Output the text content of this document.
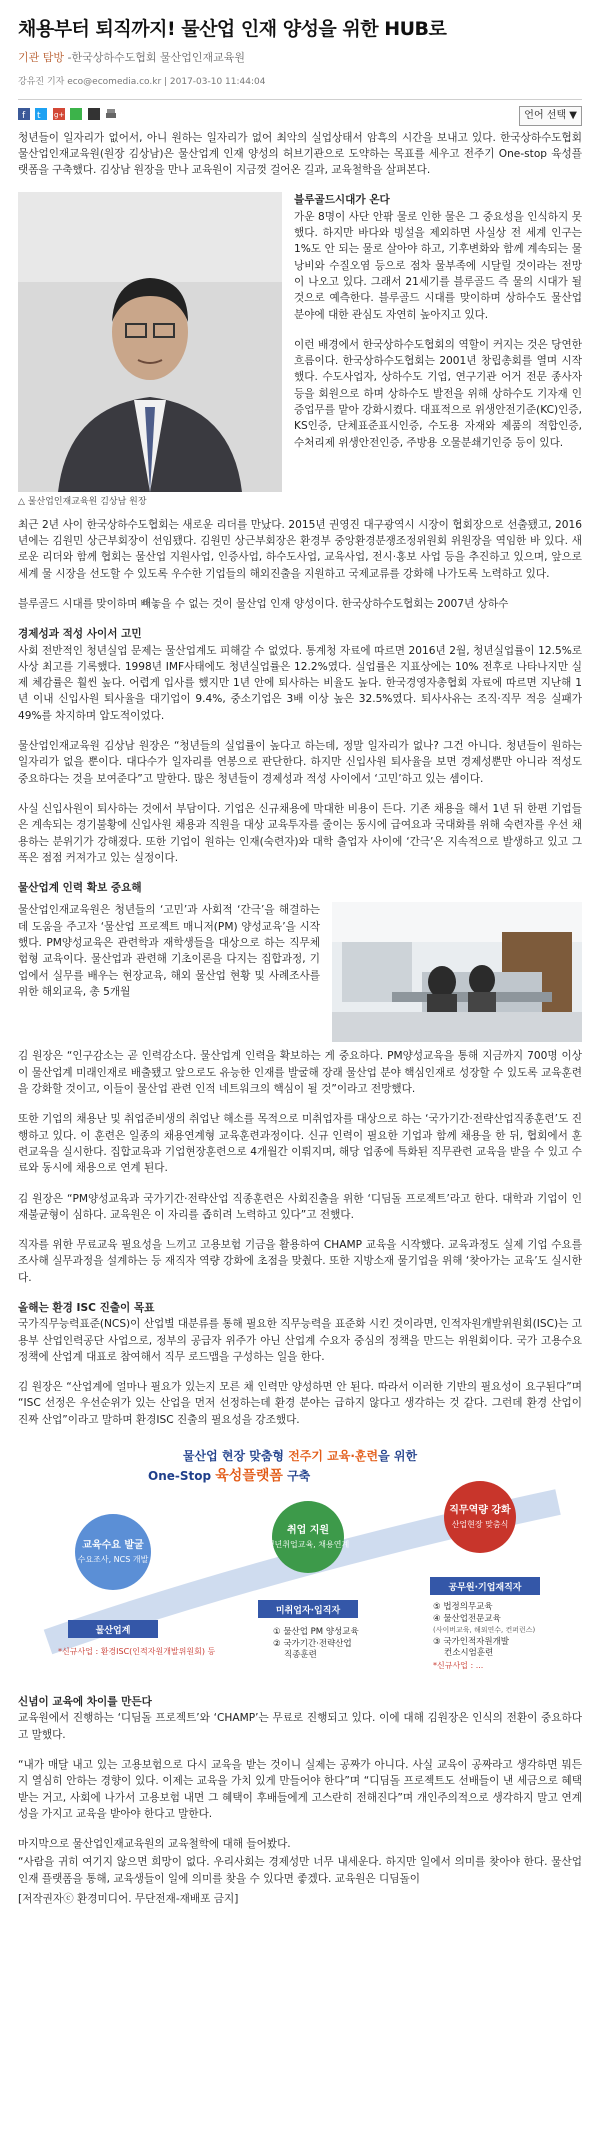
채용부터 퇴직까지! 물산업 인재 양성을 위한 HUB로
기관 탐방 -한국상하수도협회 물산업인재교육원
강유진 기자 eco@ecomedia.co.kr | 2017-03-10 11:44:04
f
t
g+
	언어 선택 ▼

청년들이 일자리가 없어서, 아니 원하는 일자리가 없어 최악의 실업상태서 암흑의 시간을 보내고 있다. 한국상하수도협회 물산업인재교육원(원장 김상남)은 물산업계 인재 양성의 허브기관으로 도약하는 목표를 세우고 전주기 One-stop 육성플랫폼을 구축했다. 김상남 원장을 만나 교육원이 지금껏 걸어온 길과, 교육철학을 살펴본다.

△ 물산업인재교육원 김상남 원장

블루골드시대가 온다

가운 8명이 사단 안팎 물로 인한 물은 그 중요성을 인식하지 못했다. 하지만 바다와 빙설을 제외하면 사실상 전 세계 인구는 1%도 안 되는 물로 살아야 하고, 기후변화와 함께 계속되는 물 낭비와 수질오염 등으로 점차 물부족에 시달릴 것이라는 전망이 나오고 있다. 그래서 21세기를 블루골드 즉 물의 시대가 될 것으로 예측한다. 블루골드 시대를 맞이하며 상하수도 물산업 분야에 대한 관심도 자연히 높아지고 있다.

이런 배경에서 한국상하수도협회의 역할이 커지는 것은 당연한 흐름이다. 한국상하수도협회는 2001년 창립총회를 열며 시작했다. 수도사업자, 상하수도 기업, 연구기관 어거 전문 종사자 등을 회원으로 하며 상하수도 발전을 위해 상하수도 기자재 인증업무를 맡아 강화시켰다. 대표적으로 위생안전기준(KC)인증, KS인증, 단체표준표시인증, 수도용 자재와 제품의 적합인증, 수처리제 위생안전인증, 주방용 오물분쇄기인증 등이 있다.

최근 2년 사이 한국상하수도협회는 새로운 리더를 만났다. 2015년 권영진 대구광역시 시장이 협회장으로 선출됐고, 2016년에는 김원민 상근부회장이 선임됐다. 김원민 상근부회장은 환경부 중앙환경분쟁조정위원회 위원장을 역임한 바 있다. 새로운 리더와 함께 협회는 물산업 지원사업, 인증사업, 하수도사업, 교육사업, 전시·홍보 사업 등을 추진하고 있으며, 앞으로 세계 물 시장을 선도할 수 있도록 우수한 기업들의 해외진출을 지원하고 국제교류를 강화해 나가도록 노력하고 있다.

블루골드 시대를 맞이하며 빼놓을 수 없는 것이 물산업 인재 양성이다. 한국상하수도협회는 2007년 상하수

경제성과 적성 사이서 고민

사회 전반적인 청년실업 문제는 물산업계도 피해갈 수 없었다. 통계청 자료에 따르면 2016년 2월, 청년실업률이 12.5%로 사상 최고를 기록했다. 1998년 IMF사태에도 청년실업률은 12.2%였다. 실업률은 지표상에는 10% 전후로 나타나지만 실제 체감률은 훨씬 높다. 어렵게 입사를 했지만 1년 안에 퇴사하는 비율도 높다. 한국경영자총협회 자료에 따르면 지난해 1년 이내 신입사원 퇴사율을 대기업이 9.4%, 중소기업은 3배 이상 높은 32.5%였다. 퇴사사유는 조직·직무 적응 실패가 49%를 차지하며 압도적이었다.

물산업인재교육원 김상남 원장은 “청년들의 실업률이 높다고 하는데, 정말 일자리가 없나? 그건 아니다. 청년들이 원하는 일자리가 없을 뿐이다. 대다수가 일자리를 연봉으로 판단한다. 하지만 신입사원 퇴사율을 보면 경제성뿐만 아니라 적성도 중요하다는 것을 보여준다”고 말한다. 많은 청년들이 경제성과 적성 사이에서 ‘고민’하고 있는 셈이다.

사실 신입사원이 퇴사하는 것에서 부담이다. 기업은 신규채용에 막대한 비용이 든다. 기존 채용을 해서 1년 뒤 한편 기업들은 계속되는 경기불황에 신입사원 채용과 직원을 대상 교육투자를 줄이는 동시에 급여요과 국대화를 위해 숙련자를 우선 채용하는 분위기가 강해졌다. 또한 기업이 원하는 인재(숙련자)와 대학 출업자 사이에 ‘간극’은 지속적으로 발생하고 있고 그 폭은 점점 커져가고 있는 실정이다.

물산업계 인력 확보 중요해

물산업인재교육원은 청년들의 ‘고민’과 사회적 ‘간극’을 해결하는데 도움을 주고자 ‘물산업 프로젝트 매니저(PM) 양성교육’을 시작했다. PM양성교육은 관련학과 재학생들을 대상으로 하는 직무체험형 교육이다. 물산업과 관련해 기초이론을 다지는 집합과정, 기업에서 실무를 배우는 현장교육, 해외 물산업 현황 및 사례조사를 위한 해외교육, 총 5개월

김 원장은 “인구감소는 곧 인력감소다. 물산업계 인력을 확보하는 게 중요하다. PM양성교육을 통해 지금까지 700명 이상이 물산업계 미래인재로 배출됐고 앞으로도 유능한 인재를 발굴해 장래 물산업 분야 핵심인재로 성장할 수 있도록 교육훈련을 강화할 것이고, 이들이 물산업 관련 인적 네트워크의 핵심이 될 것”이라고 전망했다.

또한 기업의 채용난 및 취업준비생의 취업난 해소를 목적으로 미취업자를 대상으로 하는 ‘국가기간·전략산업직종훈련’도 진행하고 있다. 이 훈련은 일종의 채용연계형 교육훈련과정이다. 신규 인력이 필요한 기업과 함께 채용을 한 뒤, 협회에서 훈련교육을 실시한다. 집합교육과 기업현장훈련으로 4개월간 이뤄지며, 해당 업종에 특화된 직무관련 교육을 받을 수 있고 수료와 동시에 채용으로 연계 된다.

김 원장은 “PM양성교육과 국가기간·전략산업 직종훈련은 사회진출을 위한 ‘디딤돌 프로젝트’라고 한다. 대학과 기업이 인재불균형이 심하다. 교육원은 이 자리를 좁히려 노력하고 있다”고 전했다.

직자를 위한 무료교육 필요성을 느끼고 고용보험 기금을 활용하여 CHAMP 교육을 시작했다. 교육과정도 실제 기업 수요를 조사해 실무과정을 설계하는 등 재직자 역량 강화에 초점을 맞췄다. 또한 지방소재 물기업을 위해 ‘찾아가는 교육’도 실시한다.

올해는 환경 ISC 진출이 목표

국가직무능력표준(NCS)이 산업별 대분류를 통해 필요한 직무능력을 표준화 시킨 것이라면, 인적자원개발위원회(ISC)는 고용부 산업인력공단 사업으로, 정부의 공급자 위주가 아닌 산업계 수요자 중심의 정책을 만드는 위원회이다. 국가 고용수요 정책에 산업계 대표로 참여해서 직무 로드맵을 구성하는 일을 한다.

김 원장은 “산업계에 얼마나 필요가 있는지 모른 채 인력만 양성하면 안 된다. 따라서 이러한 기반의 필요성이 요구된다”며 “ISC 선정은 우선순위가 있는 산업을 먼저 선정하는데 환경 분야는 급하지 않다고 생각하는 것 같다. 그런데 환경 산업이 진짜 산업”이라고 말하며 환경ISC 진출의 필요성을 강조했다.

물산업 현장 맞춤형 전주기 교육·훈련을 위한
One-Stop 육성플랫폼 구축
교육수요 발굴
수요조사, NCS 개발
취업 지원
청년취업교육, 채용연계
직무역량 강화
산업현장 맞춤식
물산업계
미취업자·입직자
공무원·기업재직자
① 물산업 PM 양성교육
② 국가기간·전략산업
직종훈련
⑤ 법정의무교육
④ 물산업전문교육
(사이버교육, 해외연수, 컨퍼런스)
③ 국가인적자원개발
컨소시엄훈련
*신규사업 : 환경ISC(인적자원개발위원회) 등
*신규사업 : ...

신념이 교육에 차이를 만든다

교육원에서 진행하는 ‘디딤돌 프로젝트’와 ‘CHAMP’는 무료로 진행되고 있다. 이에 대해 김원장은 인식의 전환이 중요하다고 말했다.

“내가 매달 내고 있는 고용보험으로 다시 교육을 받는 것이니 실제는 공짜가 아니다. 사실 교육이 공짜라고 생각하면 뭐든지 열심히 안하는 경향이 있다. 이제는 교육을 가치 있게 만들어야 한다”며 “디딤돌 프로젝트도 선배들이 낸 세금으로 혜택 받는 거고, 사회에 나가서 고용보험 내면 그 혜택이 후배들에게 고스란히 전해진다”며 개인주의적으로 생각하지 말고 연계성을 가지고 교육을 받아야 한다고 말한다.

마지막으로 물산업인재교육원의 교육철학에 대해 들어봤다.

“사람을 귀히 여기지 않으면 희망이 없다. 우리사회는 경제성만 너무 내세운다. 하지만 일에서 의미를 찾아야 한다. 물산업 인재 플랫폼을 통해, 교육생들이 일에 의미를 찾을 수 있다면 좋겠다. 교육원은 디딤돌이

[저작권자ⓒ 환경미디어. 무단전재-재배포 금지]
